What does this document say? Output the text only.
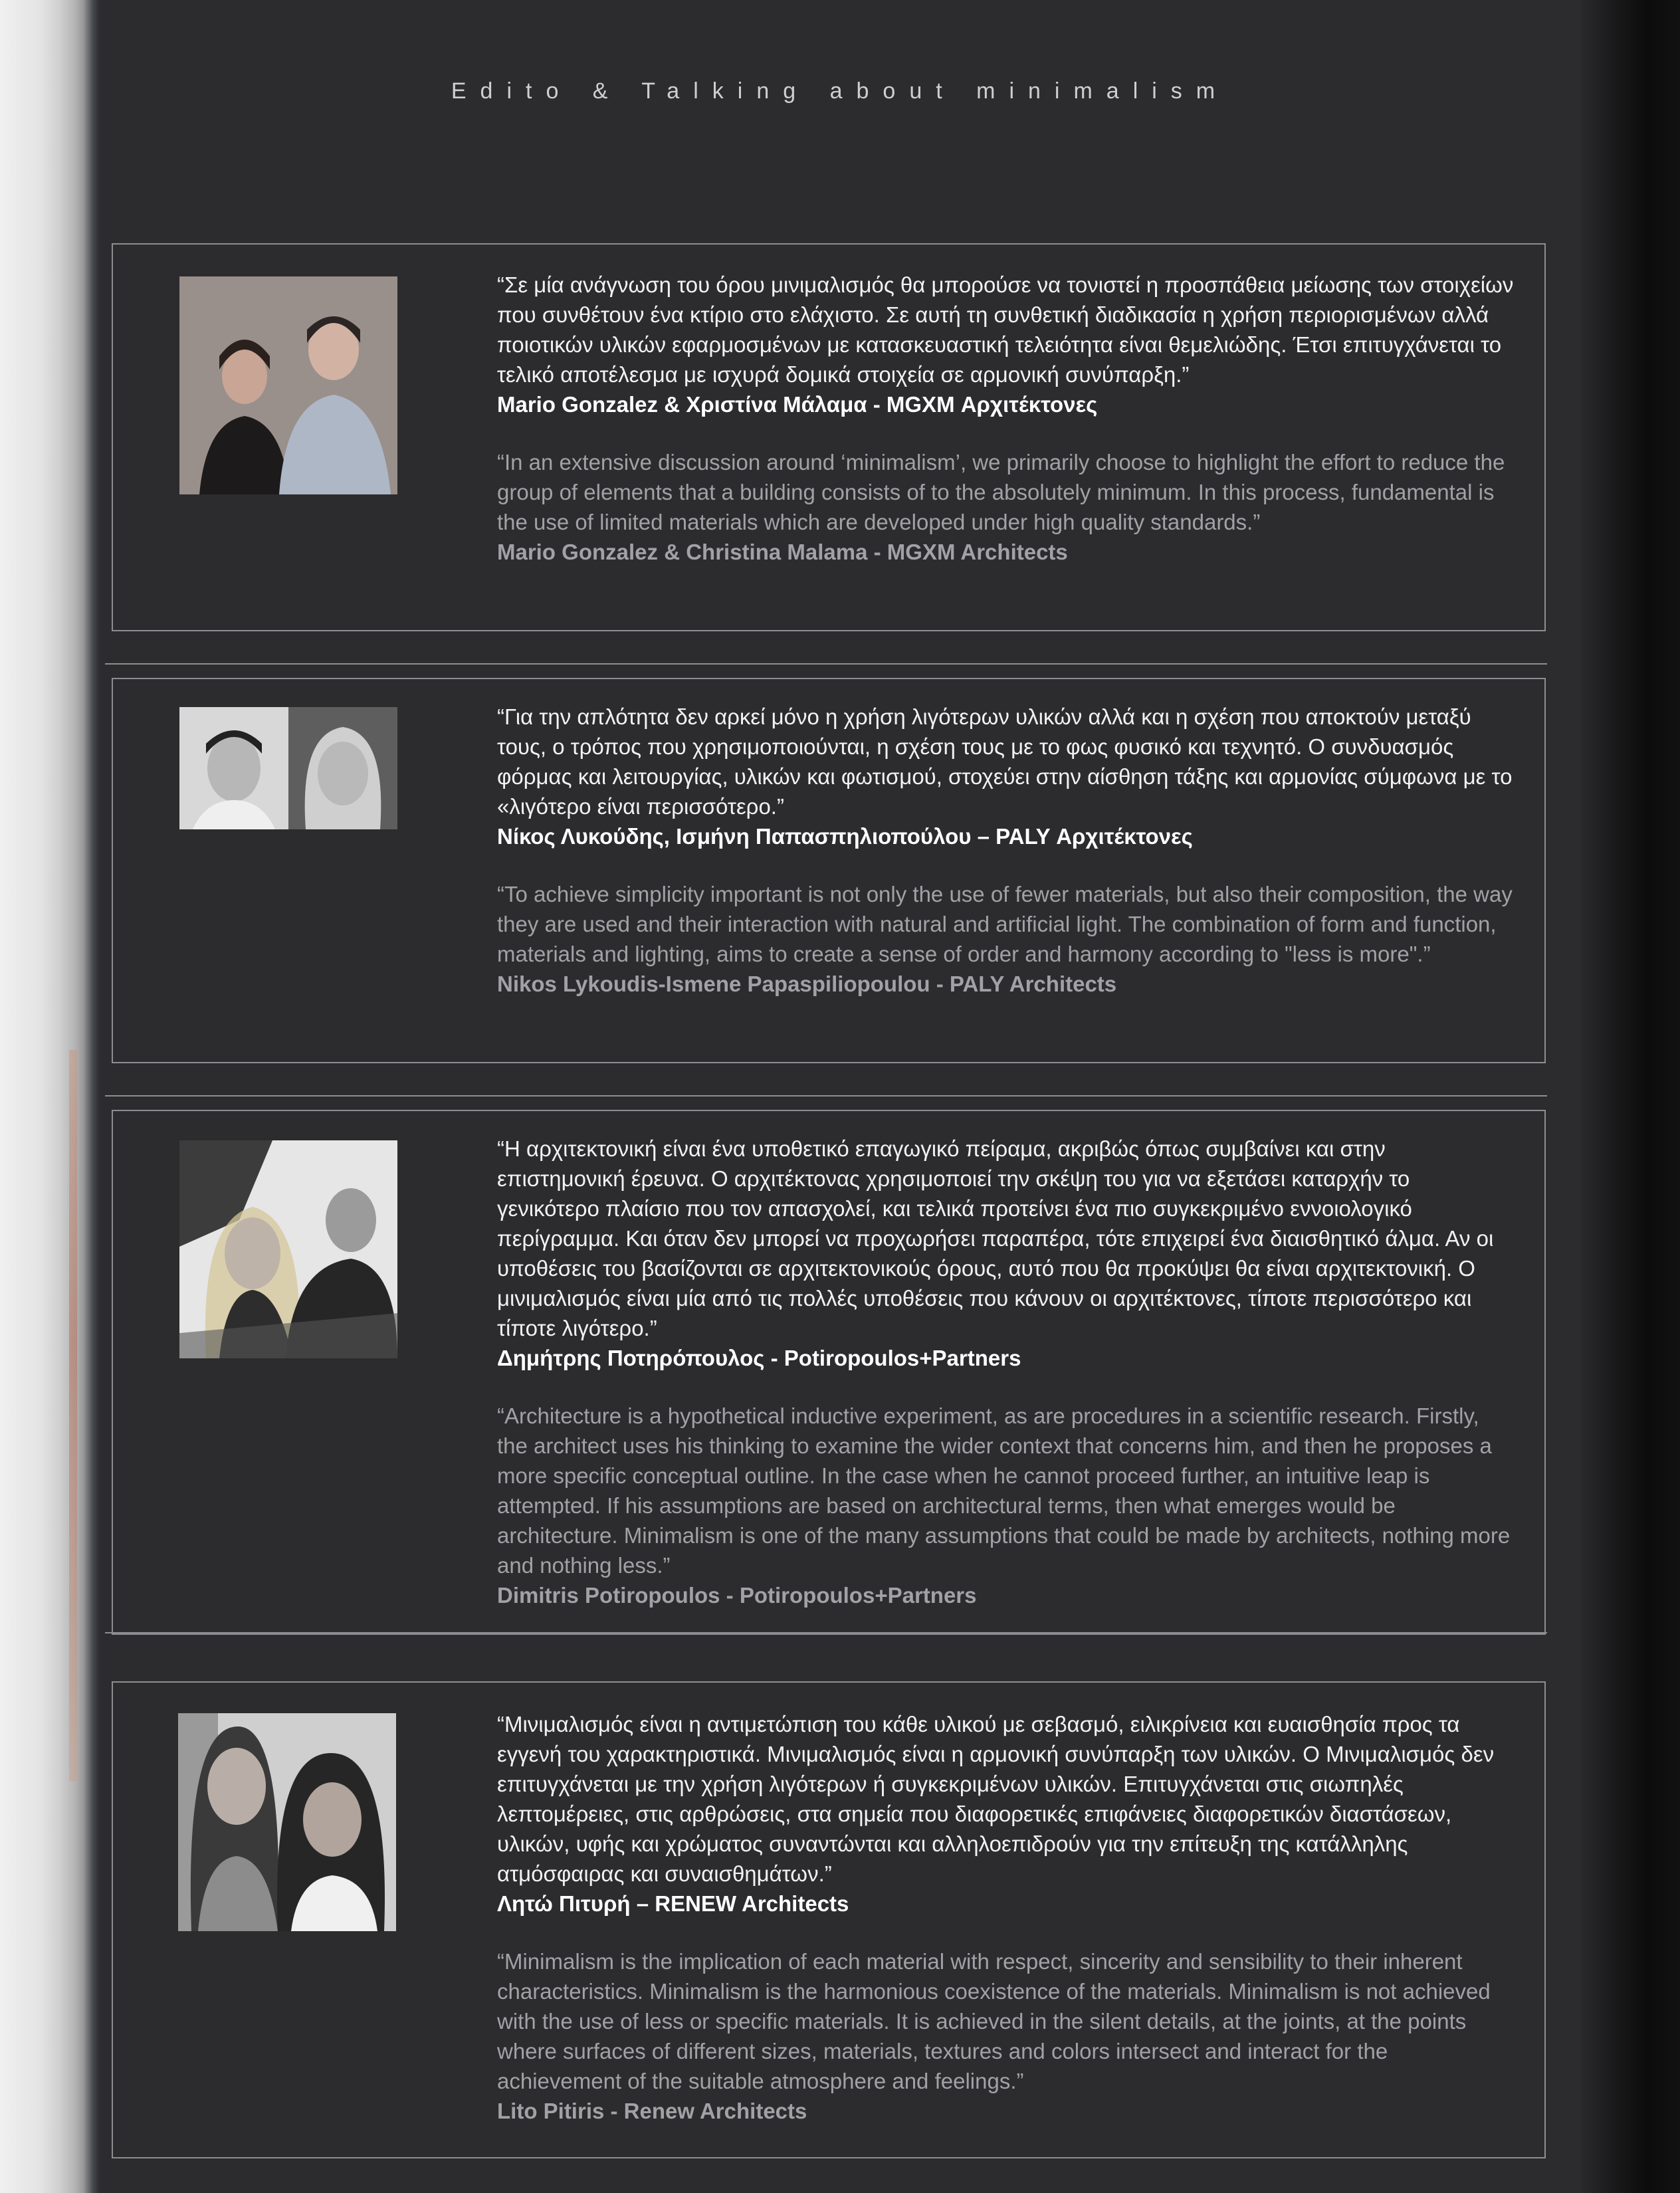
Edito & Talking about minimalism

“Σε μία ανάγνωση του όρου μινιμαλισμός θα μπορούσε να τονιστεί η προσπάθεια μείωσης των στοιχείων που συνθέτουν ένα κτίριο στο ελάχιστο. Σε αυτή τη συνθετική διαδικασία η χρήση περιορισμένων αλλά ποιοτικών υλικών εφαρμοσμένων με κατασκευαστική τελειότητα είναι θεμελιώδης. Έτσι επιτυγχάνεται το τελικό αποτέλεσμα με ισχυρά δομικά στοιχεία σε αρμονική συνύπαρξη.”

Mario Gonzalez & Χριστίνα Μάλαμα - MGXM Αρχιτέκτονες

“In an extensive discussion around ‘minimalism’, we primarily choose to highlight the effort to reduce the group of elements that a building consists of to the absolutely minimum. In this process, fundamental is the use of limited materials which are developed under high quality standards.”

Mario Gonzalez & Christina Malama - MGXM Architects

“Για την απλότητα δεν αρκεί μόνο η χρήση λιγότερων υλικών αλλά και η σχέση που αποκτούν μεταξύ τους, ο τρόπος που χρησιμοποιούνται, η σχέση τους με το φως φυσικό και τεχνητό. Ο συνδυασμός φόρμας και λειτουργίας, υλικών και φωτισμού, στοχεύει στην αίσθηση τάξης και αρμονίας σύμφωνα με το «λιγότερο είναι περισσότερο.”

Νίκος Λυκούδης, Ισμήνη Παπασπηλιοπούλου – PALY Αρχιτέκτονες

“To achieve simplicity important is not only the use of fewer materials, but also their composition, the way they are used and their interaction with natural and artificial light. The combination of form and function, materials and lighting, aims to create a sense of order and harmony according to "less is more".”

Nikos Lykoudis-Ismene Papaspiliopoulou - PALY Architects

“Η αρχιτεκτονική είναι ένα υποθετικό επαγωγικό πείραμα, ακριβώς όπως συμβαίνει και στην επιστημονική έρευνα. Ο αρχιτέκτονας χρησιμοποιεί την σκέψη του για να εξετάσει καταρχήν το γενικότερο πλαίσιο που τον απασχολεί, και τελικά προτείνει ένα πιο συγκεκριμένο εννοιολογικό περίγραμμα. Και όταν δεν μπορεί να προχωρήσει παραπέρα, τότε επιχειρεί ένα διαισθητικό άλμα. Αν οι υποθέσεις του βασίζονται σε αρχιτεκτονικούς όρους, αυτό που θα προκύψει θα είναι αρχιτεκτονική. Ο μινιμαλισμός είναι μία από τις πολλές υποθέσεις που κάνουν οι αρχιτέκτονες, τίποτε περισσότερο και τίποτε λιγότερο.”

Δημήτρης Ποτηρόπουλος - Potiropoulos+Partners

“Architecture is a hypothetical inductive experiment, as are procedures in a scientific research. Firstly, the architect uses his thinking to examine the wider context that concerns him, and then he proposes a more specific conceptual outline. In the case when he cannot proceed further, an intuitive leap is attempted. If his assumptions are based on architectural terms, then what emerges would be architecture. Minimalism is one of the many assumptions that could be made by architects, nothing more and nothing less.”

Dimitris Potiropoulos - Potiropoulos+Partners

“Μινιμαλισμός είναι η αντιμετώπιση του κάθε υλικού με σεβασμό, ειλικρίνεια και ευαισθησία προς τα εγγενή του χαρακτηριστικά. Μινιμαλισμός είναι η αρμονική συνύπαρξη των υλικών. Ο Μινιμαλισμός δεν επιτυγχάνεται με την χρήση λιγότερων ή συγκεκριμένων υλικών. Επιτυγχάνεται στις σιωπηλές λεπτομέρειες, στις αρθρώσεις, στα σημεία που διαφορετικές επιφάνειες διαφορετικών διαστάσεων, υλικών, υφής και χρώματος συναντώνται και αλληλοεπιδρούν για την επίτευξη της κατάλληλης ατμόσφαιρας και συναισθημάτων.”

Λητώ Πιτυρή – RENEW Architects

“Minimalism is the implication of each material with respect, sincerity and sensibility to their inherent characteristics. Minimalism is the harmonious coexistence of the materials. Minimalism is not achieved with the use of less or specific materials. It is achieved in the silent details, at the joints, at the points where surfaces of different sizes, materials, textures and colors intersect and interact for the achievement of the suitable atmosphere and feelings.”

Lito Pitiris - Renew Architects
